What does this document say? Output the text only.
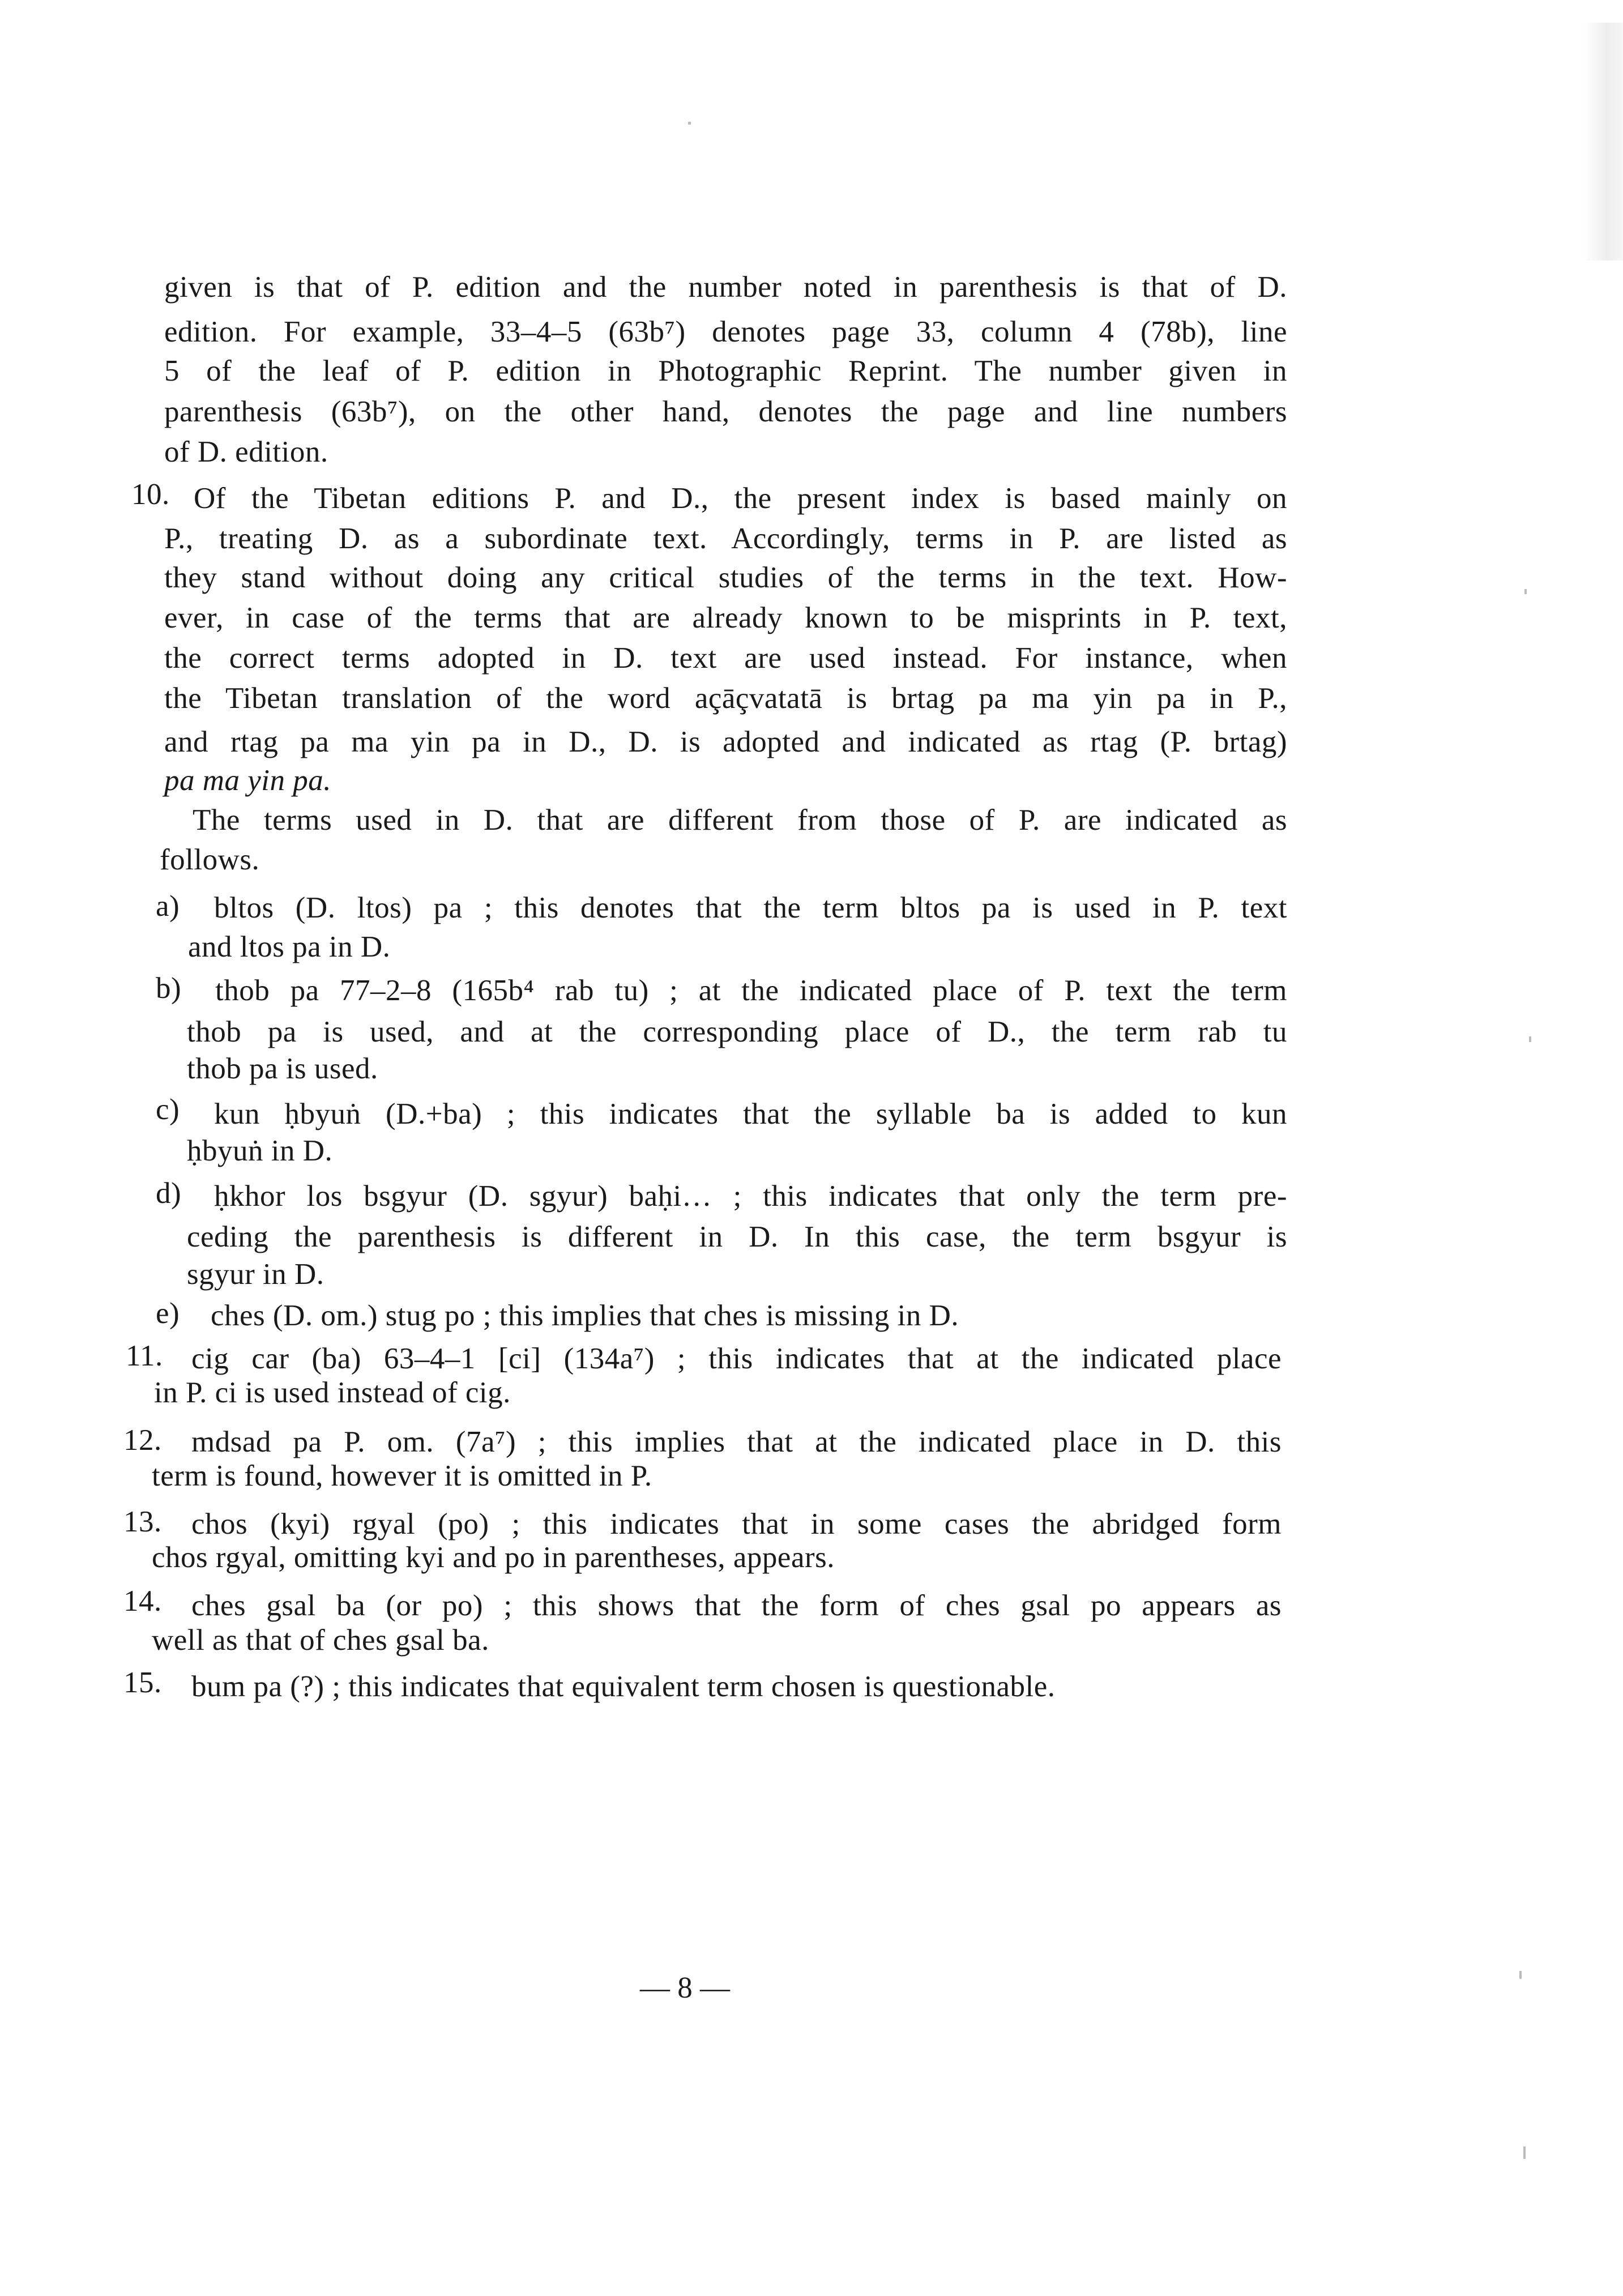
given is that of P. edition and the number noted in parenthesis is that of D.
edition. For example, 33–4–5 (63b⁷) denotes page 33, column 4 (78b), line
5 of the leaf of P. edition in Photographic Reprint. The number given in
parenthesis (63b⁷), on the other hand, denotes the page and line numbers
of D. edition.
10. Of the Tibetan editions P. and D., the present index is based mainly on
P., treating D. as a subordinate text. Accordingly, terms in P. are listed as
they stand without doing any critical studies of the terms in the text. How-
ever, in case of the terms that are already known to be misprints in P. text,
the correct terms adopted in D. text are used instead. For instance, when
the Tibetan translation of the word açāçvatatā is brtag pa ma yin pa in P.,
and rtag pa ma yin pa in D., D. is adopted and indicated as rtag (P. brtag)
pa ma yin pa.
The terms used in D. that are different from those of P. are indicated as
follows.
a) bltos (D. ltos) pa ; this denotes that the term bltos pa is used in P. text
and ltos pa in D.
b) thob pa 77–2–8 (165b⁴ rab tu) ; at the indicated place of P. text the term
thob pa is used, and at the corresponding place of D., the term rab tu
thob pa is used.
c) kun ḥbyuṅ (D.+ba) ; this indicates that the syllable ba is added to kun
ḥbyuṅ in D.
d) ḥkhor los bsgyur (D. sgyur) baḥi… ; this indicates that only the term pre-
ceding the parenthesis is different in D. In this case, the term bsgyur is
sgyur in D.
e) ches (D. om.) stug po ; this implies that ches is missing in D.
11. cig car (ba) 63–4–1 [ci] (134a⁷) ; this indicates that at the indicated place
in P. ci is used instead of cig.
12. mdsad pa P. om. (7a⁷) ; this implies that at the indicated place in D. this
term is found, however it is omitted in P.
13. chos (kyi) rgyal (po) ; this indicates that in some cases the abridged form
chos rgyal, omitting kyi and po in parentheses, appears.
14. ches gsal ba (or po) ; this shows that the form of ches gsal po appears as
well as that of ches gsal ba.
15. bum pa (?) ; this indicates that equivalent term chosen is questionable.
— 8 —
